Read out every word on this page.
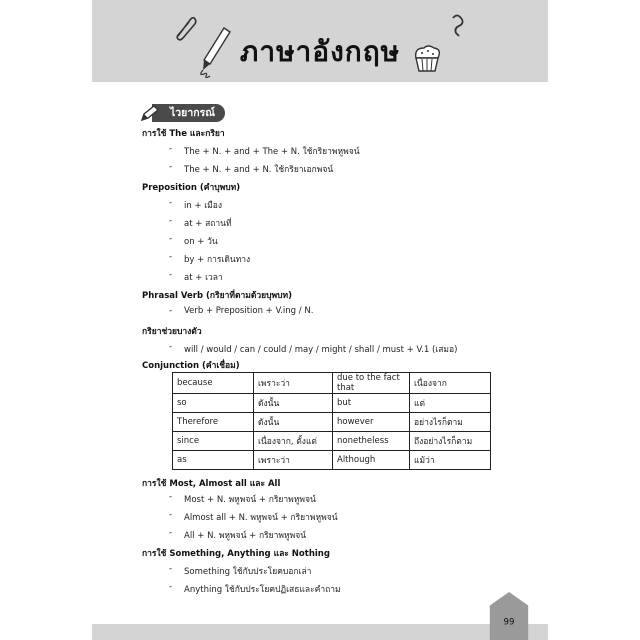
ภาษาอังกฤษ
ไวยากรณ์
การใช้ The และกริยา
- The + N. + and + The + N. ใช้กริยาพหูพจน์
- The + N. + and + N. ใช้กริยาเอกพจน์
Preposition (คำบุพบท)
- in + เมือง
- at + สถานที่
- on + วัน
- by + การเดินทาง
- at + เวลา
Phrasal Verb (กริยาที่ตามด้วยบุพบท)
- Verb + Preposition + V.ing / N.
กริยาช่วยบางตัว
- will / would / can / could / may / might / shall / must + V.1 (เสมอ)
Conjunction (คำเชื่อม)
because	เพราะว่า	due to the fact that	เนื่องจาก
so	ดังนั้น	but	แต่
Therefore	ดังนั้น	however	อย่างไรก็ตาม
since	เนื่องจาก, ตั้งแต่	nonetheless	ถึงอย่างไรก็ตาม
as	เพราะว่า	Although	แม้ว่า
การใช้ Most, Almost all และ All
- Most + N. พหูพจน์ + กริยาพหูพจน์
- Almost all + N. พหูพจน์ + กริยาพหูพจน์
- All + N. พหูพจน์ + กริยาพหูพจน์
การใช้ Something, Anything และ Nothing
- Something ใช้กับประโยคบอกเล่า
- Anything ใช้กับประโยคปฏิเสธและคำถาม
99
